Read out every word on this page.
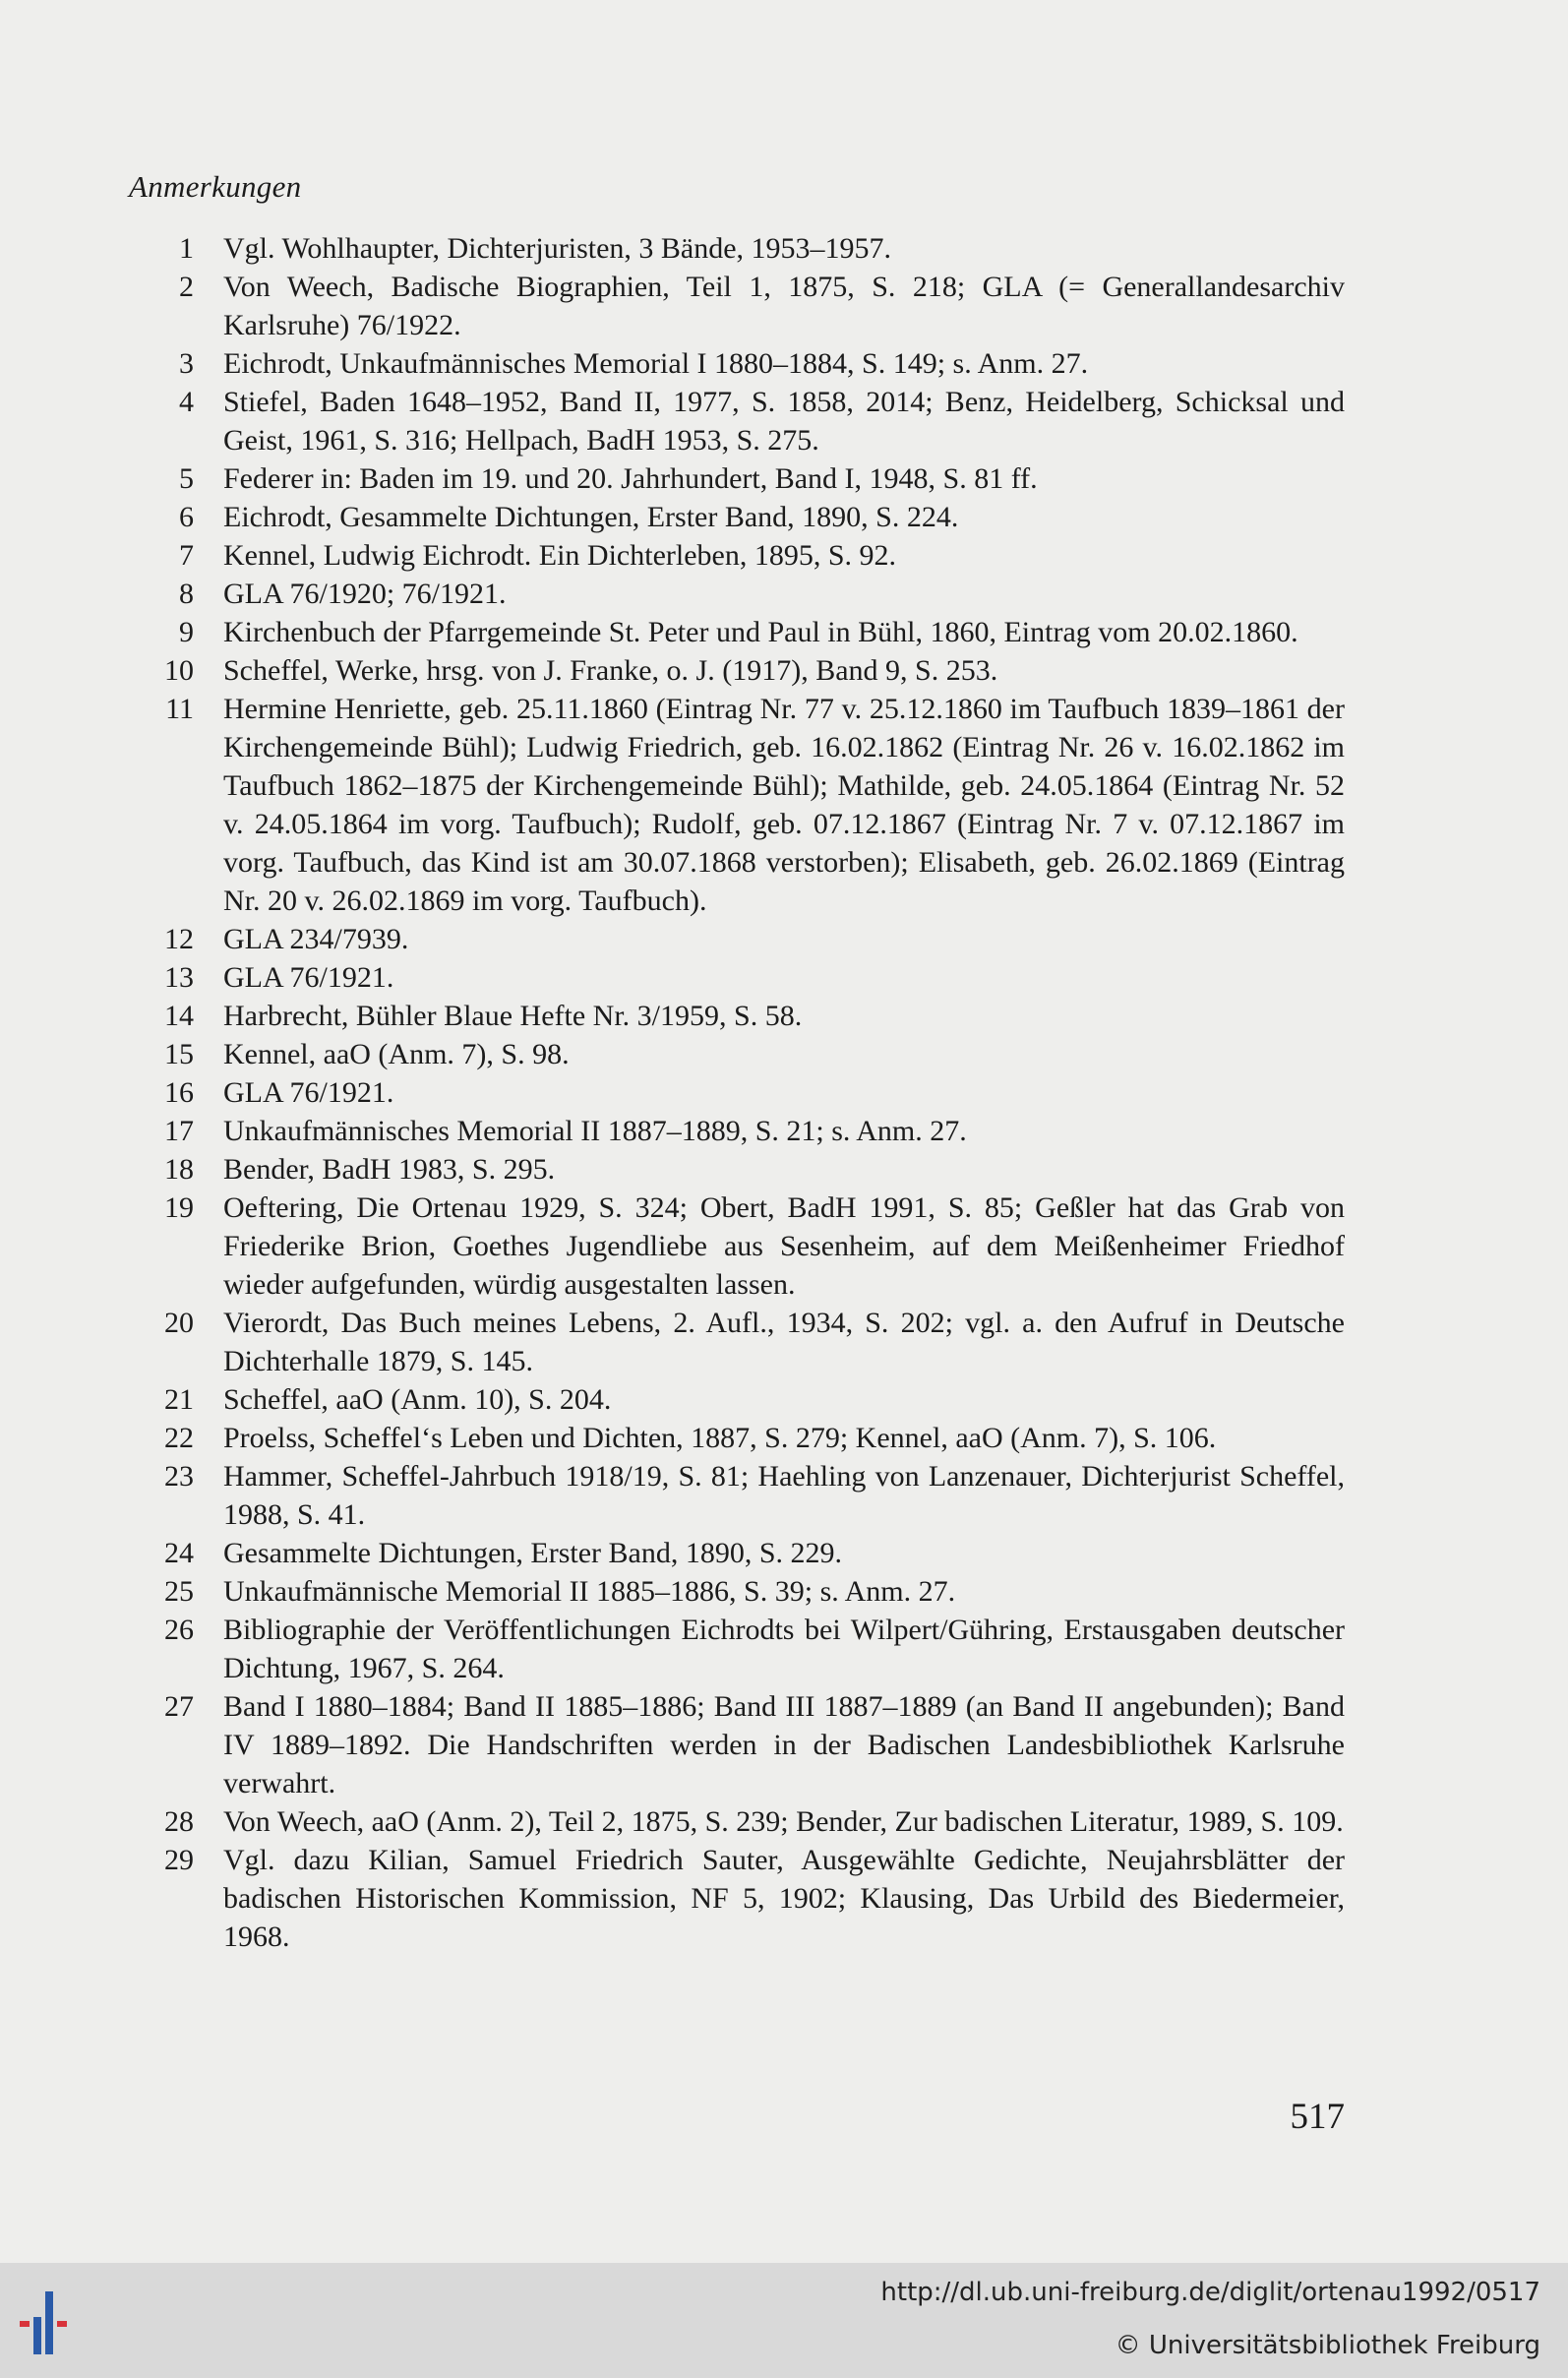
Anmerkungen
1	Vgl. Wohlhaupter, Dichterjuristen, 3 Bände, 1953–1957.
2	Von Weech, Badische Biographien, Teil 1, 1875, S. 218; GLA (= Generallandesarchiv Karlsruhe) 76/1922.
3	Eichrodt, Unkaufmännisches Memorial I 1880–1884, S. 149; s. Anm. 27.
4	Stiefel, Baden 1648–1952, Band II, 1977, S. 1858, 2014; Benz, Heidelberg, Schicksal und Geist, 1961, S. 316; Hellpach, BadH 1953, S. 275.
5	Federer in: Baden im 19. und 20. Jahrhundert, Band I, 1948, S. 81 ff.
6	Eichrodt, Gesammelte Dichtungen, Erster Band, 1890, S. 224.
7	Kennel, Ludwig Eichrodt. Ein Dichterleben, 1895, S. 92.
8	GLA 76/1920; 76/1921.
9	Kirchenbuch der Pfarrgemeinde St. Peter und Paul in Bühl, 1860, Eintrag vom 20.02.1860.
10	Scheffel, Werke, hrsg. von J. Franke, o. J. (1917), Band 9, S. 253.
11	Hermine Henriette, geb. 25.11.1860 (Eintrag Nr. 77 v. 25.12.1860 im Taufbuch 1839–1861 der Kirchengemeinde Bühl); Ludwig Friedrich, geb. 16.02.1862 (Eintrag Nr. 26 v. 16.02.1862 im Taufbuch 1862–1875 der Kirchengemeinde Bühl); Mathilde, geb. 24.05.1864 (Eintrag Nr. 52 v. 24.05.1864 im vorg. Taufbuch); Rudolf, geb. 07.12.1867 (Eintrag Nr. 7 v. 07.12.1867 im vorg. Taufbuch, das Kind ist am 30.07.1868 verstorben); Elisabeth, geb. 26.02.1869 (Eintrag Nr. 20 v. 26.02.1869 im vorg. Taufbuch).
12	GLA 234/7939.
13	GLA 76/1921.
14	Harbrecht, Bühler Blaue Hefte Nr. 3/1959, S. 58.
15	Kennel, aaO (Anm. 7), S. 98.
16	GLA 76/1921.
17	Unkaufmännisches Memorial II 1887–1889, S. 21; s. Anm. 27.
18	Bender, BadH 1983, S. 295.
19	Oeftering, Die Ortenau 1929, S. 324; Obert, BadH 1991, S. 85; Geßler hat das Grab von Friederike Brion, Goethes Jugendliebe aus Sesenheim, auf dem Meißenheimer Friedhof wieder aufgefunden, würdig ausgestalten lassen.
20	Vierordt, Das Buch meines Lebens, 2. Aufl., 1934, S. 202; vgl. a. den Aufruf in Deutsche Dichterhalle 1879, S. 145.
21	Scheffel, aaO (Anm. 10), S. 204.
22	Proelss, Scheffel‘s Leben und Dichten, 1887, S. 279; Kennel, aaO (Anm. 7), S. 106.
23	Hammer, Scheffel-Jahrbuch 1918/19, S. 81; Haehling von Lanzenauer, Dichterjurist Scheffel, 1988, S. 41.
24	Gesammelte Dichtungen, Erster Band, 1890, S. 229.
25	Unkaufmännische Memorial II 1885–1886, S. 39; s. Anm. 27.
26	Bibliographie der Veröffentlichungen Eichrodts bei Wilpert/Gühring, Erstausgaben deutscher Dichtung, 1967, S. 264.
27	Band I 1880–1884; Band II 1885–1886; Band III 1887–1889 (an Band II angebunden); Band IV 1889–1892. Die Handschriften werden in der Badischen Landesbibliothek Karlsruhe verwahrt.
28	Von Weech, aaO (Anm. 2), Teil 2, 1875, S. 239; Bender, Zur badischen Literatur, 1989, S. 109.
29	Vgl. dazu Kilian, Samuel Friedrich Sauter, Ausgewählte Gedichte, Neujahrsblätter der badischen Historischen Kommission, NF 5, 1902; Klausing, Das Urbild des Biedermeier, 1968.
517
http://dl.ub.uni-freiburg.de/diglit/ortenau1992/0517
© Universitätsbibliothek Freiburg
